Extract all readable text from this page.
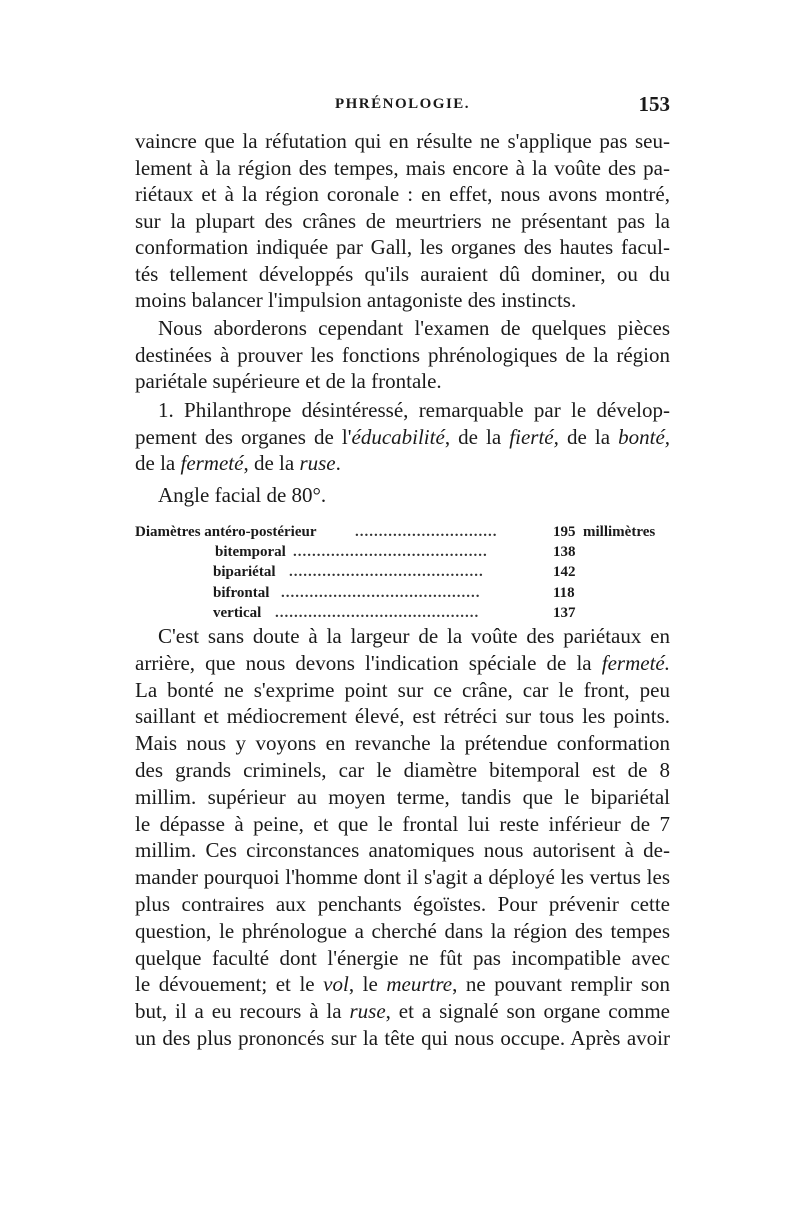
PHRÉNOLOGIE.	153
vaincre que la réfutation qui en résulte ne s'applique pas seu-
lement à la région des tempes, mais encore à la voûte des pa-
riétaux et à la région coronale : en effet, nous avons montré,
sur la plupart des crânes de meurtriers ne présentant pas la
conformation indiquée par Gall, les organes des hautes facul-
tés tellement développés qu'ils auraient dû dominer, ou du
moins balancer l'impulsion antagoniste des instincts.
Nous aborderons cependant l'examen de quelques pièces
destinées à prouver les fonctions phrénologiques de la région
pariétale supérieure et de la frontale.
1. Philanthrope désintéressé, remarquable par le dévelop-
pement des organes de l'éducabilité, de la fierté, de la bonté,
de la fermeté, de la ruse.
Angle facial de 80°.
Diamètres antéro-postérieur	..............................	195 millimètres
bitemporal .........................................	138
bipariétal .........................................	142
bifrontal ..........................................	118
vertical ...........................................	137
C'est sans doute à la largeur de la voûte des pariétaux en
arrière, que nous devons l'indication spéciale de la fermeté.
La bonté ne s'exprime point sur ce crâne, car le front, peu
saillant et médiocrement élevé, est rétréci sur tous les points.
Mais nous y voyons en revanche la prétendue conformation
des grands criminels, car le diamètre bitemporal est de 8
millim. supérieur au moyen terme, tandis que le bipariétal
le dépasse à peine, et que le frontal lui reste inférieur de 7
millim. Ces circonstances anatomiques nous autorisent à de-
mander pourquoi l'homme dont il s'agit a déployé les vertus les
plus contraires aux penchants égoïstes. Pour prévenir cette
question, le phrénologue a cherché dans la région des tempes
quelque faculté dont l'énergie ne fût pas incompatible avec
le dévouement; et le vol, le meurtre, ne pouvant remplir son
but, il a eu recours à la ruse, et a signalé son organe comme
un des plus prononcés sur la tête qui nous occupe. Après avoir
